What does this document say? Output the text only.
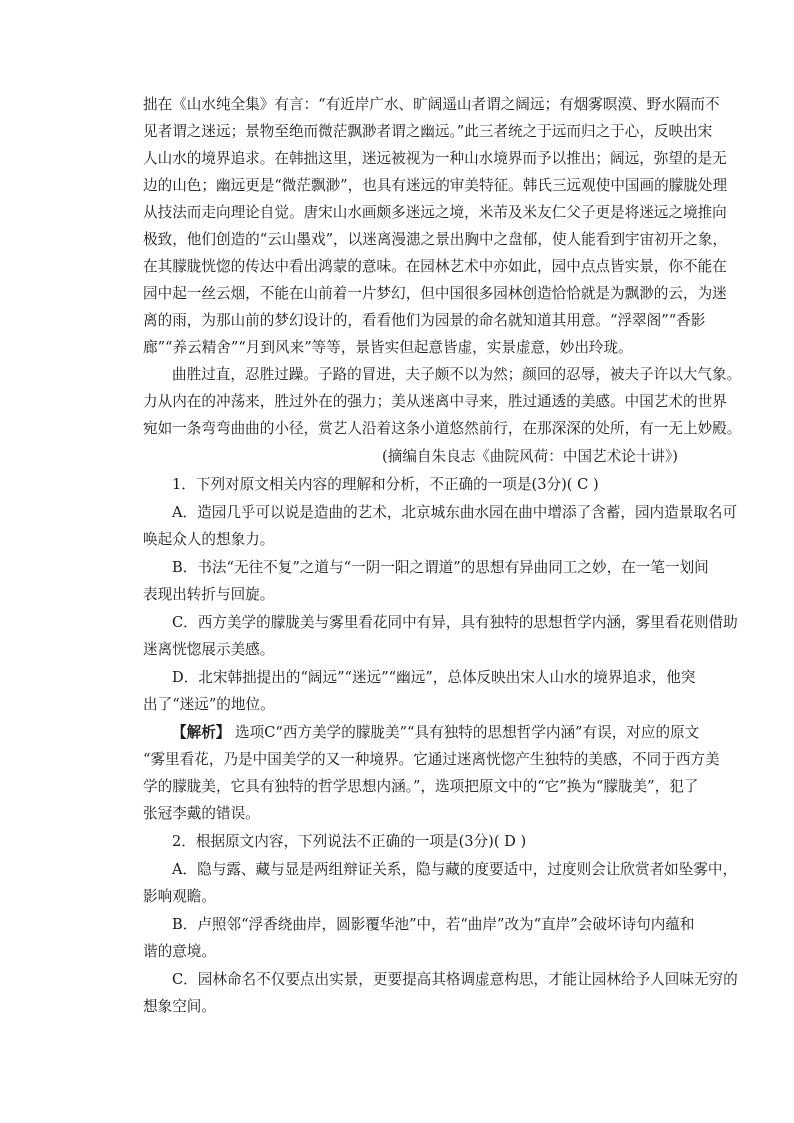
拙在《山水纯全集》有言：“有近岸广水、旷阔遥山者谓之阔远；有烟雾暝漠、野水隔而不
见者谓之迷远；景物至绝而微茫飘渺者谓之幽远。”此三者统之于远而归之于心，反映出宋
人山水的境界追求。在韩拙这里，迷远被视为一种山水境界而予以推出；阔远，弥望的是无
边的山色；幽远更是“微茫飘渺”，也具有迷远的审美特征。韩氏三远观使中国画的朦胧处理
从技法而走向理论自觉。唐宋山水画颇多迷远之境，米芾及米友仁父子更是将迷远之境推向
极致，他们创造的“云山墨戏”，以迷离漫漶之景出胸中之盘郁，使人能看到宇宙初开之象，
在其朦胧恍惚的传达中看出鸿蒙的意味。在园林艺术中亦如此，园中点点皆实景，你不能在
园中起一丝云烟，不能在山前着一片梦幻，但中国很多园林创造恰恰就是为飘渺的云，为迷
离的雨，为那山前的梦幻设计的，看看他们为园景的命名就知道其用意。“浮翠阁”“香影
廊”“养云精舍”“月到风来”等等，景皆实但起意皆虚，实景虚意，妙出玲珑。
曲胜过直，忍胜过躁。子路的冒进，夫子颇不以为然；颜回的忍辱，被夫子许以大气象。
力从内在的冲荡来，胜过外在的强力；美从迷离中寻来，胜过通透的美感。中国艺术的世界
宛如一条弯弯曲曲的小径，赏艺人沿着这条小道悠然前行，在那深深的处所，有一无上妙殿。
(摘编自朱良志《曲院风荷：中国艺术论十讲》)
1．下列对原文相关内容的理解和分析，不正确的一项是(3分)( C )
A．造园几乎可以说是造曲的艺术，北京城东曲水园在曲中增添了含蓄，园内造景取名可
唤起众人的想象力。
B．书法“无往不复”之道与“一阴一阳之谓道”的思想有异曲同工之妙，在一笔一划间
表现出转折与回旋。
C．西方美学的朦胧美与雾里看花同中有异，具有独特的思想哲学内涵，雾里看花则借助
迷离恍惚展示美感。
D．北宋韩拙提出的“阔远”“迷远”“幽远”，总体反映出宋人山水的境界追求，他突
出了“迷远”的地位。
【解析】 选项C“西方美学的朦胧美”“具有独特的思想哲学内涵”有误，对应的原文
“雾里看花，乃是中国美学的又一种境界。它通过迷离恍惚产生独特的美感，不同于西方美
学的朦胧美，它具有独特的哲学思想内涵。”，选项把原文中的“它”换为“朦胧美”，犯了
张冠李戴的错误。
2．根据原文内容，下列说法不正确的一项是(3分)( D )
A．隐与露、藏与显是两组辩证关系，隐与藏的度要适中，过度则会让欣赏者如坠雾中，
影响观瞻。
B．卢照邻“浮香绕曲岸，圆影覆华池”中，若“曲岸”改为“直岸”会破坏诗句内蕴和
谐的意境。
C．园林命名不仅要点出实景，更要提高其格调虚意构思，才能让园林给予人回味无穷的
想象空间。
